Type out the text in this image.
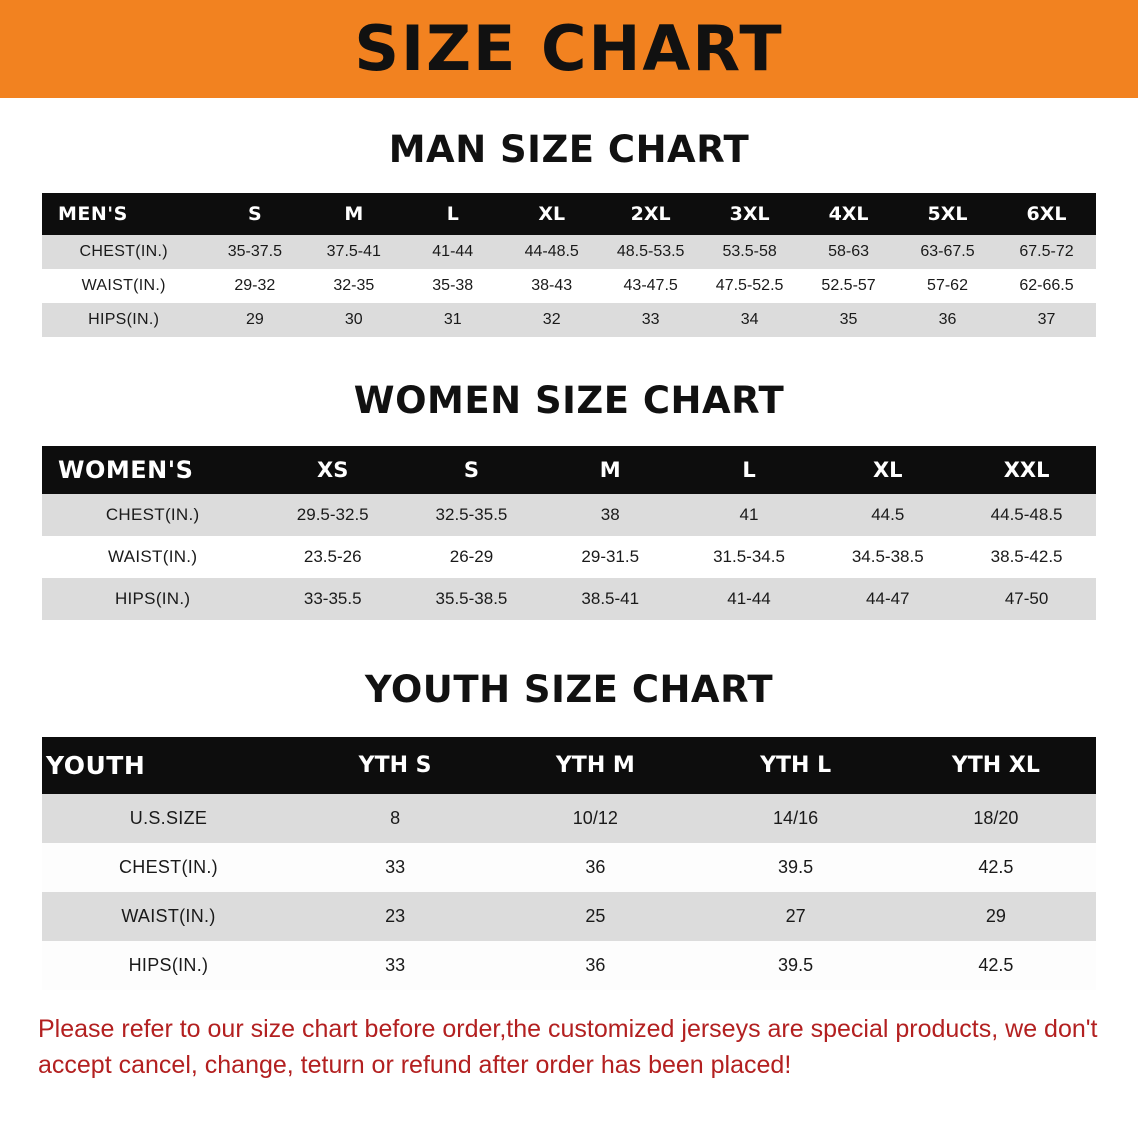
SIZE CHART
MAN SIZE CHART
MEN'S	S	M	L	XL	2XL	3XL	4XL	5XL	6XL
CHEST(IN.)	35-37.5	37.5-41	41-44	44-48.5	48.5-53.5	53.5-58	58-63	63-67.5	67.5-72
WAIST(IN.)	29-32	32-35	35-38	38-43	43-47.5	47.5-52.5	52.5-57	57-62	62-66.5
HIPS(IN.)	29	30	31	32	33	34	35	36	37
WOMEN SIZE CHART
WOMEN'S	XS	S	M	L	XL	XXL
CHEST(IN.)	29.5-32.5	32.5-35.5	38	41	44.5	44.5-48.5
WAIST(IN.)	23.5-26	26-29	29-31.5	31.5-34.5	34.5-38.5	38.5-42.5
HIPS(IN.)	33-35.5	35.5-38.5	38.5-41	41-44	44-47	47-50
YOUTH SIZE CHART
YOUTH	YTH S	YTH M	YTH L	YTH XL
U.S.SIZE	8	10/12	14/16	18/20
CHEST(IN.)	33	36	39.5	42.5
WAIST(IN.)	23	25	27	29
HIPS(IN.)	33	36	39.5	42.5
Please refer to our size chart before order,the customized jerseys are special products, we don't accept cancel, change, teturn or refund after order has been placed!
